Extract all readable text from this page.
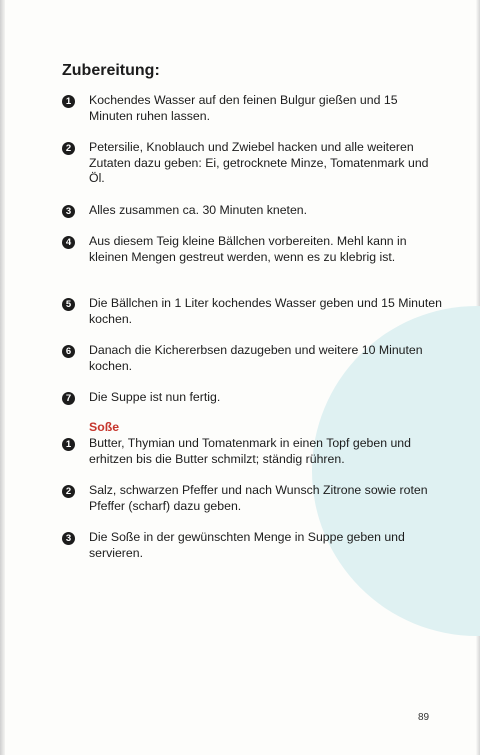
Zubereitung:
1	Kochendes Wasser auf den feinen Bulgur gießen und 15 Minuten ruhen lassen.
2	Petersilie, Knoblauch und Zwiebel hacken und alle weiteren Zutaten dazu geben: Ei, getrocknete Minze, Tomatenmark und Öl.
3	Alles zusammen ca. 30 Minuten kneten.
4	Aus diesem Teig kleine Bällchen vorbereiten. Mehl kann in kleinen Mengen gestreut werden, wenn es zu klebrig ist.
5	Die Bällchen in 1 Liter kochendes Wasser geben und 15 Minuten kochen.
6	Danach die Kichererbsen dazugeben und weitere 10 Minuten kochen.
7	Die Suppe ist nun fertig.
Soße
1	Butter, Thymian und Tomatenmark in einen Topf geben und erhitzen bis die Butter schmilzt; ständig rühren.
2	Salz, schwarzen Pfeffer und nach Wunsch Zitrone sowie roten Pfeffer (scharf) dazu geben.
3	Die Soße in der gewünschten Menge in Suppe geben und servieren.
89
